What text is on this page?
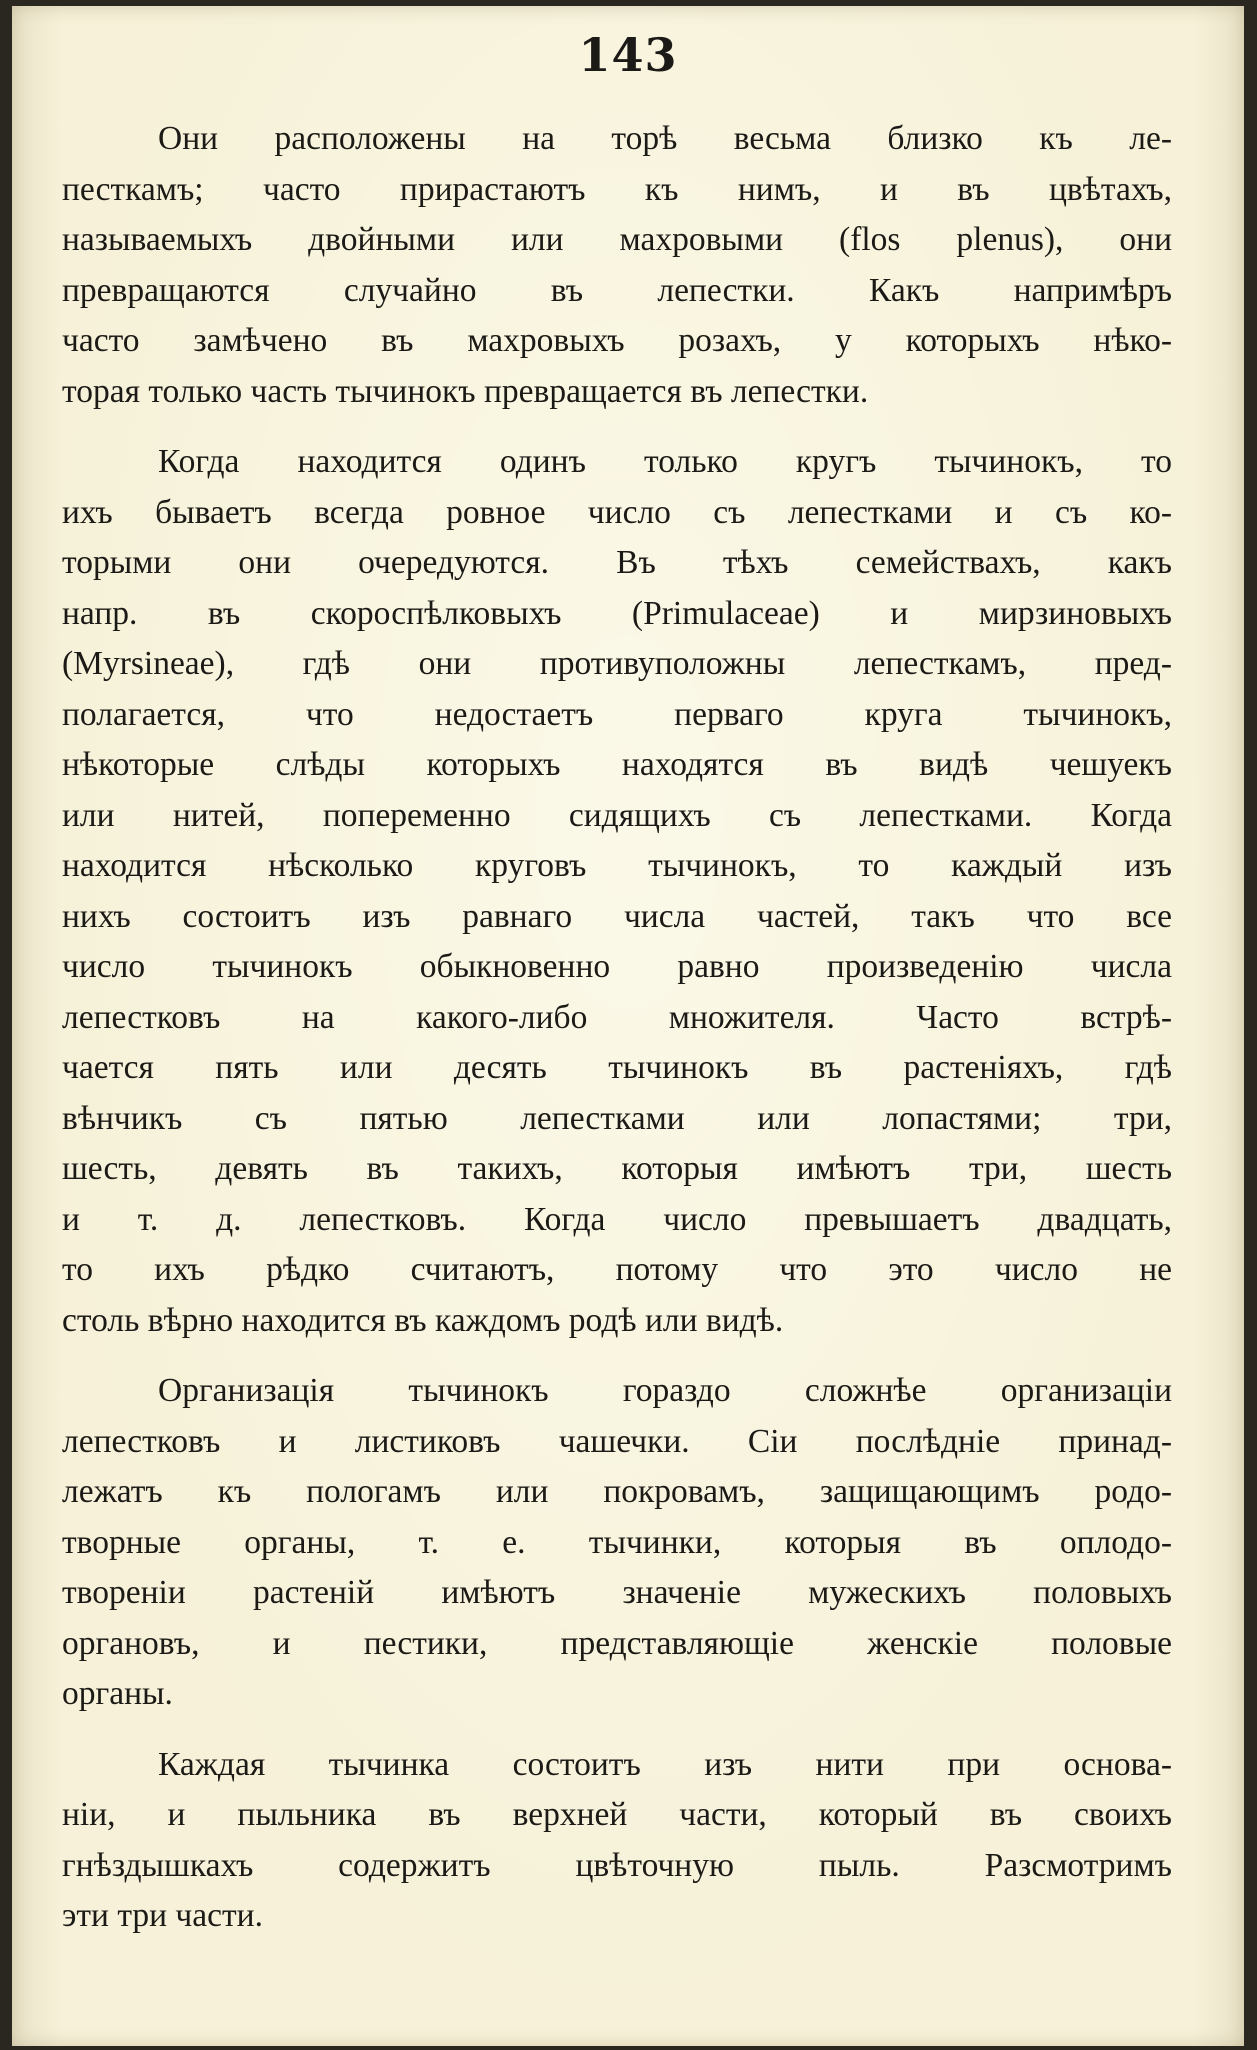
143

Они расположены на торѣ весьма близко къ ле-
песткамъ; часто прирастаютъ къ нимъ, и въ цвѣтахъ,
называемыхъ двойными или махровыми (flos plenus), они
превращаются случайно въ лепестки. Какъ напримѣръ
часто замѣчено въ махровыхъ розахъ, у которыхъ нѣко-
торая только часть тычинокъ превращается въ лепестки.

Когда находится одинъ только кругъ тычинокъ, то
ихъ бываетъ всегда ровное число съ лепестками и съ ко-
торыми они очередуются. Въ тѣхъ семействахъ, какъ
напр. въ скороспѣлковыхъ (Primulaceae) и мирзиновыхъ
(Myrsineae), гдѣ они противуположны лепесткамъ, пред-
полагается, что недостаетъ перваго круга тычинокъ,
нѣкоторые слѣды которыхъ находятся въ видѣ чешуекъ
или нитей, попеременно сидящихъ съ лепестками. Когда
находится нѣсколько круговъ тычинокъ, то каждый изъ
нихъ состоитъ изъ равнаго числа частей, такъ что все
число тычинокъ обыкновенно равно произведенію числа
лепестковъ на какого-либо множителя. Часто встрѣ-
чается пять или десять тычинокъ въ растеніяхъ, гдѣ
вѣнчикъ съ пятью лепестками или лопастями; три,
шесть, девять въ такихъ, которыя имѣютъ три, шесть
и т. д. лепестковъ. Когда число превышаетъ двадцать,
то ихъ рѣдко считаютъ, потому что это число не
столь вѣрно находится въ каждомъ родѣ или видѣ.

Организація тычинокъ гораздо сложнѣе организаціи
лепестковъ и листиковъ чашечки. Сіи послѣдніе принад-
лежатъ къ пологамъ или покровамъ, защищающимъ родо-
творные органы, т. е. тычинки, которыя въ оплодо-
твореніи растеній имѣютъ значеніе мужескихъ половыхъ
органовъ, и пестики, представляющіе женскіе половые
органы.

Каждая тычинка состоитъ изъ нити при основа-
ніи, и пыльника въ верхней части, который въ своихъ
гнѣздышкахъ содержитъ цвѣточную пыль. Разсмотримъ
эти три части.
